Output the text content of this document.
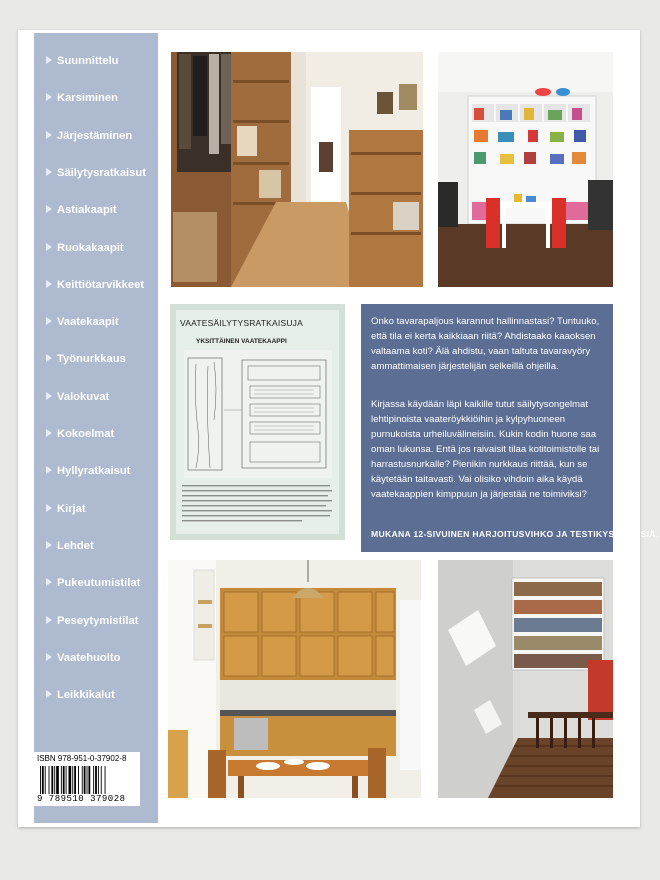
Suunnittelu
Karsiminen
Järjestäminen
Säilytysratkaisut
Astiakaapit
Ruokakaapit
Keittiötarvikkeet
Vaatekaapit
Työnurkkaus
Valokuvat
Kokoelmat
Hyllyratkaisut
Kirjat
Lehdet
Pukeutumistilat
Peseytymistilat
Vaatehuolto
Leikkikalut
ISBN 978-951-0-37902-8
9 789510 379028
VAATESÄILYTYSRATKAISUJA
YKSITTÄINEN VAATEKAAPPI

Onko tavarapaljous karannut hallinnastasi? Tuntuuko, että tila ei kerta kaikkiaan riitä? Ahdistaako kaaoksen valtaama koti? Älä ahdistu, vaan taltuta tavaravyöry ammattimaisen järjestelijän selkeillä ohjeilla.

Kirjassa käydään läpi kaikille tutut säilytysongelmat lehtipinoista vaateröykkiöihin ja kylpyhuoneen purnukoista urheiluvälineisiin. Kukin kodin huone saa oman lukunsa. Entä jos raivaisit tilaa kotitoimistolle tai harrastusnurkalle? Pienikin nurkkaus riittää, kun se käytetään taitavasti. Vai olisiko vihdoin aika käydä vaatekaappien kimppuun ja järjestää ne toimiviksi?

MUKANA 12-SIVUINEN HARJOITUSVIHKO JA TESTIKYSYMYKSIÄ.
